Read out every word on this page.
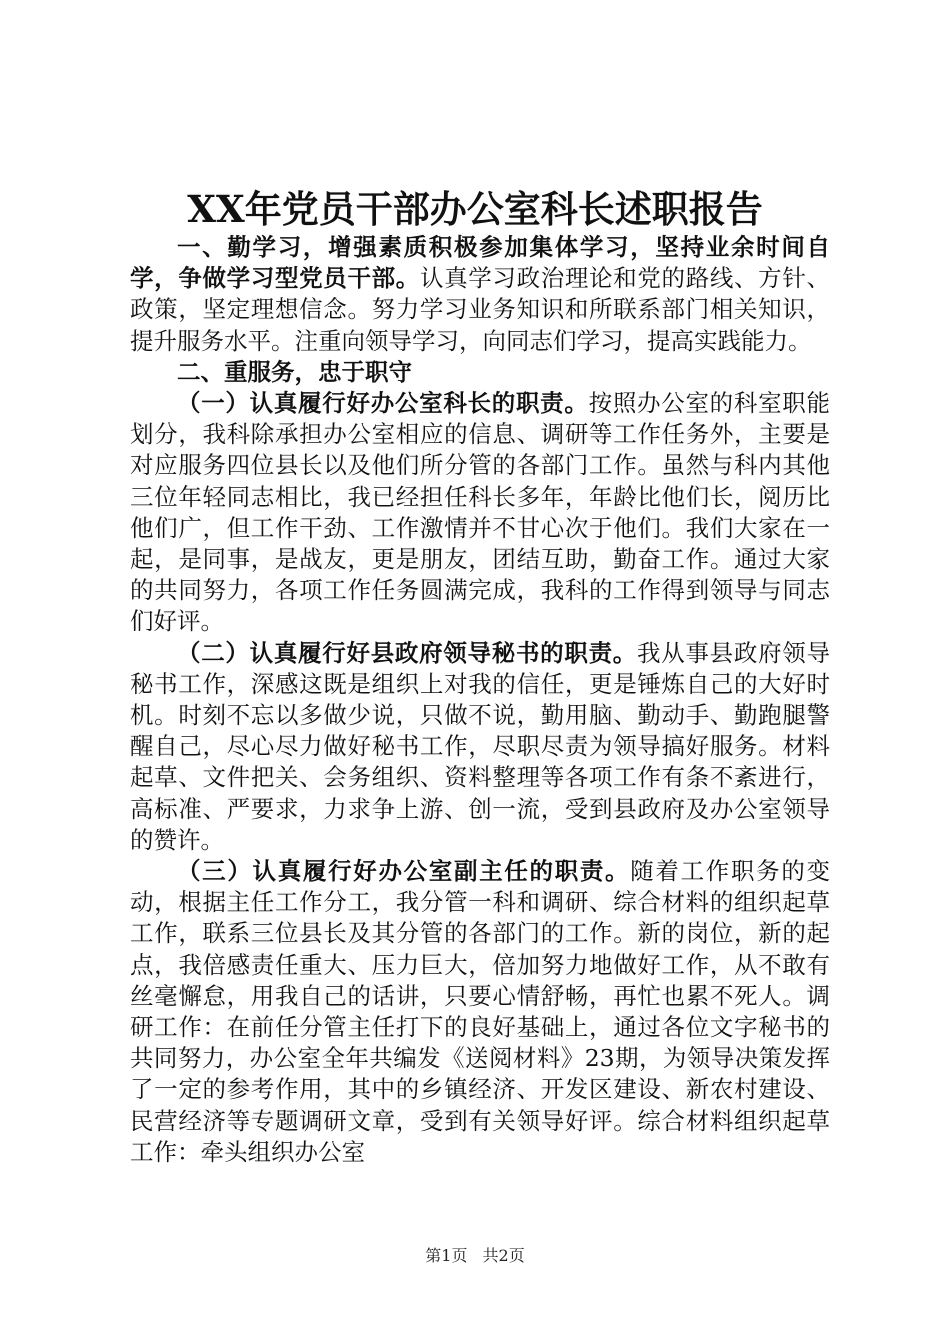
XX年党员干部办公室科长述职报告

一、勤学习，增强素质积极参加集体学习，坚持业余时间自学，争做学习型党员干部。认真学习政治理论和党的路线、方针、政策，坚定理想信念。努力学习业务知识和所联系部门相关知识，提升服务水平。注重向领导学习，向同志们学习，提高实践能力。

二、重服务，忠于职守

（一）认真履行好办公室科长的职责。按照办公室的科室职能划分，我科除承担办公室相应的信息、调研等工作任务外，主要是对应服务四位县长以及他们所分管的各部门工作。虽然与科内其他三位年轻同志相比，我已经担任科长多年，年龄比他们长，阅历比他们广，但工作干劲、工作激情并不甘心次于他们。我们大家在一起，是同事，是战友，更是朋友，团结互助，勤奋工作。通过大家的共同努力，各项工作任务圆满完成，我科的工作得到领导与同志们好评。

（二）认真履行好县政府领导秘书的职责。我从事县政府领导秘书工作，深感这既是组织上对我的信任，更是锤炼自己的大好时机。时刻不忘以多做少说，只做不说，勤用脑、勤动手、勤跑腿警醒自己，尽心尽力做好秘书工作，尽职尽责为领导搞好服务。材料起草、文件把关、会务组织、资料整理等各项工作有条不紊进行，高标准、严要求，力求争上游、创一流，受到县政府及办公室领导的赞许。

（三）认真履行好办公室副主任的职责。随着工作职务的变动，根据主任工作分工，我分管一科和调研、综合材料的组织起草工作，联系三位县长及其分管的各部门的工作。新的岗位，新的起点，我倍感责任重大、压力巨大，倍加努力地做好工作，从不敢有丝毫懈怠，用我自己的话讲，只要心情舒畅，再忙也累不死人。调研工作：在前任分管主任打下的良好基础上，通过各位文字秘书的共同努力，办公室全年共编发《送阅材料》23期，为领导决策发挥了一定的参考作用，其中的乡镇经济、开发区建设、新农村建设、民营经济等专题调研文章，受到有关领导好评。综合材料组织起草工作：牵头组织办公室

第1页 共2页
